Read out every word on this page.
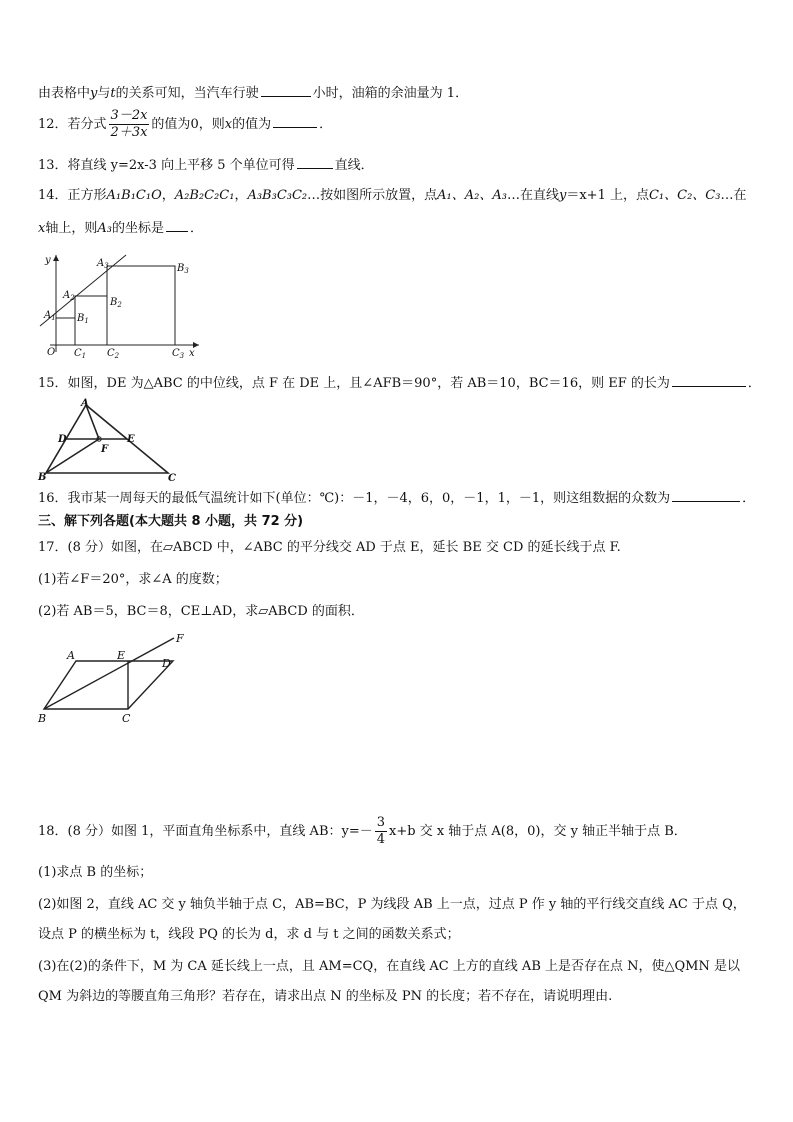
由表格中y与t的关系可知，当汽车行驶	小时，油箱的余油量为 1．
12．若分式 $\frac{3-2x}{2+3x}$ 的值为0，则x的值为	．
13．将直线 y=2x-3 向上平移 5 个单位可得	直线．
14．正方形A₁B₁C₁O，A₂B₂C₂C₁，A₃B₃C₃C₂…按如图所示放置，点A₁、A₂、A₃…在直线y＝x+1 上，点C₁、C₂、C₃…在
x轴上，则A₃的坐标是 ．
y
x
O
$A_1$
$A_2$
$A_3$
$B_1$
$B_2$
$B_3$
$C_1$ $C_2$	$C_3$
15．如图，DE 为△ABC 的中位线，点 F 在 DE 上，且∠AFB＝90°，若 AB＝10，BC＝16，则 EF 的长为	．
A
B	C
D	E
F
16．我市某一周每天的最低气温统计如下(单位：℃)：－1，－4，6，0，－1，1，－1，则这组数据的众数为	．
三、解下列各题(本大题共 8 小题，共 72 分)
17．(8 分）如图，在▱ABCD 中，∠ABC 的平分线交 AD 于点 E，延长 BE 交 CD 的延长线于点 F.
(1)若∠F＝20°，求∠A 的度数；
(2)若 AB＝5，BC＝8，CE⊥AD，求▱ABCD 的面积．
A
B	C
D
E
F
18．(8 分）如图 1，平面直角坐标系中，直线 AB：$y=- \frac{3}{4} x+b$ 交 x 轴于点 A(8，0)，交 y 轴正半轴于点 B．
(1)求点 B 的坐标；
(2)如图 2，直线 AC 交 y 轴负半轴于点 C，AB=BC，P 为线段 AB 上一点，过点 P 作 y 轴的平行线交直线 AC 于点 Q，
设点 P 的横坐标为 t，线段 PQ 的长为 d，求 d 与 t 之间的函数关系式；
(3)在(2)的条件下，M 为 CA 延长线上一点，且 AM=CQ，在直线 AC 上方的直线 AB 上是否存在点 N，使△QMN 是以
QM 为斜边的等腰直角三角形？若存在，请求出点 N 的坐标及 PN 的长度；若不存在，请说明理由.
